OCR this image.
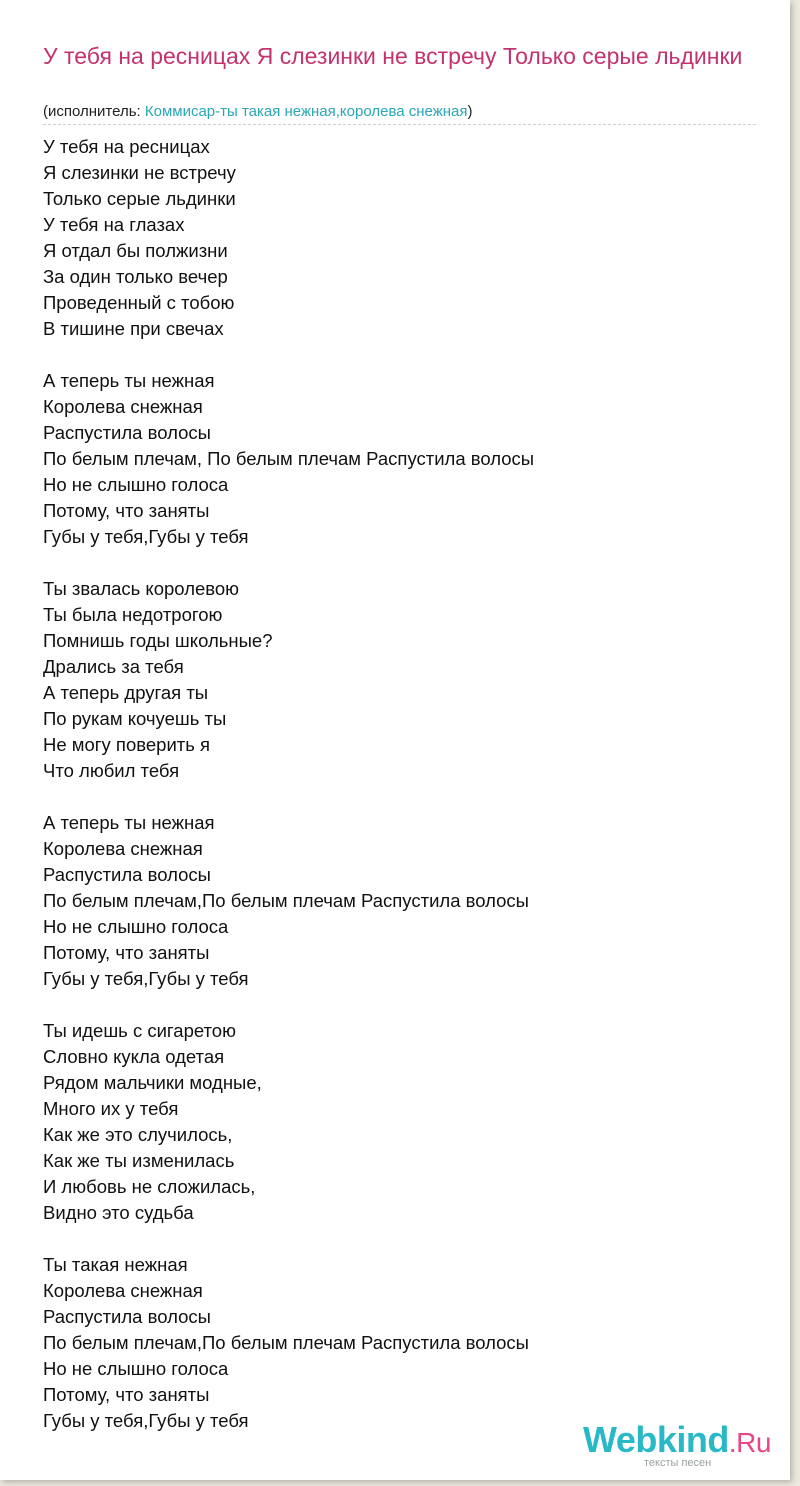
У тебя на ресницах Я слезинки не встречу Только серые льдинки
(исполнитель: Коммисар-ты такая нежная,королева снежная)
У тебя на ресницах
Я слезинки не встречу
Только серые льдинки
У тебя на глазах
Я отдал бы полжизни
За один только вечер
Проведенный с тобою
В тишине при свечах
А теперь ты нежная
Королева снежная
Распустила волосы
По белым плечам, По белым плечам Распустила волосы
Но не слышно голоса
Потому, что заняты
Губы у тебя,Губы у тебя
Ты звалась королевою
Ты была недотрогою
Помнишь годы школьные?
Дрались за тебя
А теперь другая ты
По рукам кочуешь ты
Не могу поверить я
Что любил тебя
А теперь ты нежная
Королева снежная
Распустила волосы
По белым плечам,По белым плечам Распустила волосы
Но не слышно голоса
Потому, что заняты
Губы у тебя,Губы у тебя
Ты идешь с сигаретою
Словно кукла одетая
Рядом мальчики модные,
Много их у тебя
Как же это случилось,
Как же ты изменилась
И любовь не сложилась,
Видно это судьба
Ты такая нежная
Королева снежная
Распустила волосы
По белым плечам,По белым плечам Распустила волосы
Но не слышно голоса
Потому, что заняты
Губы у тебя,Губы у тебя	Webkind.Ru
тексты песен
